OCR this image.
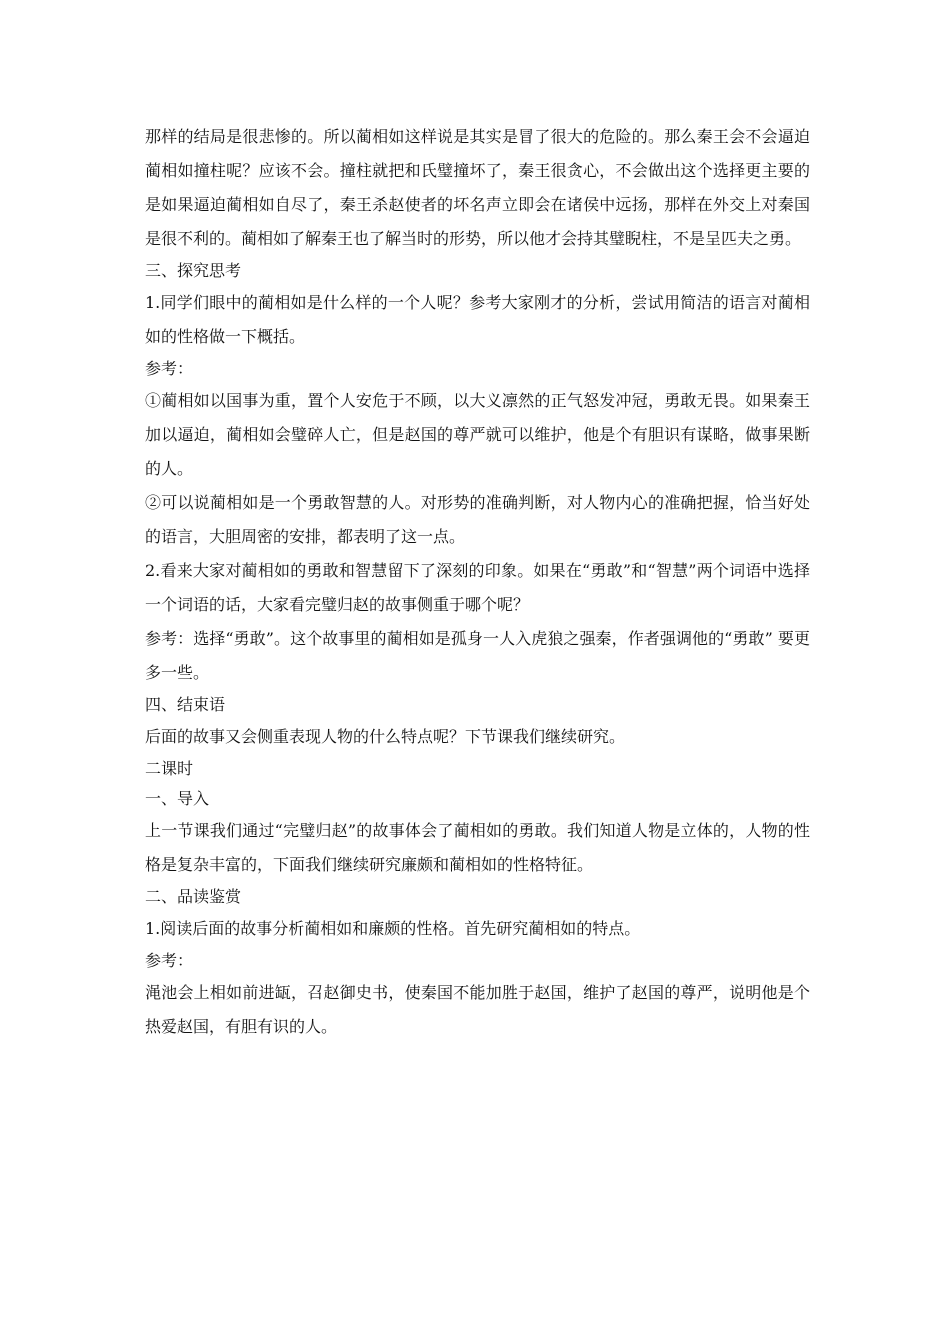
那样的结局是很悲惨的。所以蔺相如这样说是其实是冒了很大的危险的。那么秦王会不会逼迫蔺相如撞柱呢？应该不会。撞柱就把和氏璧撞坏了，秦王很贪心，不会做出这个选择更主要的是如果逼迫蔺相如自尽了，秦王杀赵使者的坏名声立即会在诸侯中远扬，那样在外交上对秦国是很不利的。蔺相如了解秦王也了解当时的形势，所以他才会持其璧睨柱，不是呈匹夫之勇。

三、探究思考

1.同学们眼中的蔺相如是什么样的一个人呢？参考大家刚才的分析，尝试用简洁的语言对蔺相如的性格做一下概括。

参考：

①蔺相如以国事为重，置个人安危于不顾，以大义凛然的正气怒发冲冠，勇敢无畏。如果秦王加以逼迫，蔺相如会璧碎人亡，但是赵国的尊严就可以维护，他是个有胆识有谋略，做事果断的人。

②可以说蔺相如是一个勇敢智慧的人。对形势的准确判断，对人物内心的准确把握，恰当好处的语言，大胆周密的安排，都表明了这一点。

2.看来大家对蔺相如的勇敢和智慧留下了深刻的印象。如果在“勇敢”和“智慧”两个词语中选择一个词语的话，大家看完璧归赵的故事侧重于哪个呢？

参考：选择“勇敢”。这个故事里的蔺相如是孤身一人入虎狼之强秦，作者强调他的“勇敢” 要更多一些。

四、结束语

后面的故事又会侧重表现人物的什么特点呢？下节课我们继续研究。

二课时

一、导入

上一节课我们通过“完璧归赵”的故事体会了蔺相如的勇敢。我们知道人物是立体的，人物的性格是复杂丰富的，下面我们继续研究廉颇和蔺相如的性格特征。

二、品读鉴赏

1.阅读后面的故事分析蔺相如和廉颇的性格。首先研究蔺相如的特点。

参考：

渑池会上相如前进缻，召赵御史书，使秦国不能加胜于赵国，维护了赵国的尊严，说明他是个热爱赵国，有胆有识的人。
